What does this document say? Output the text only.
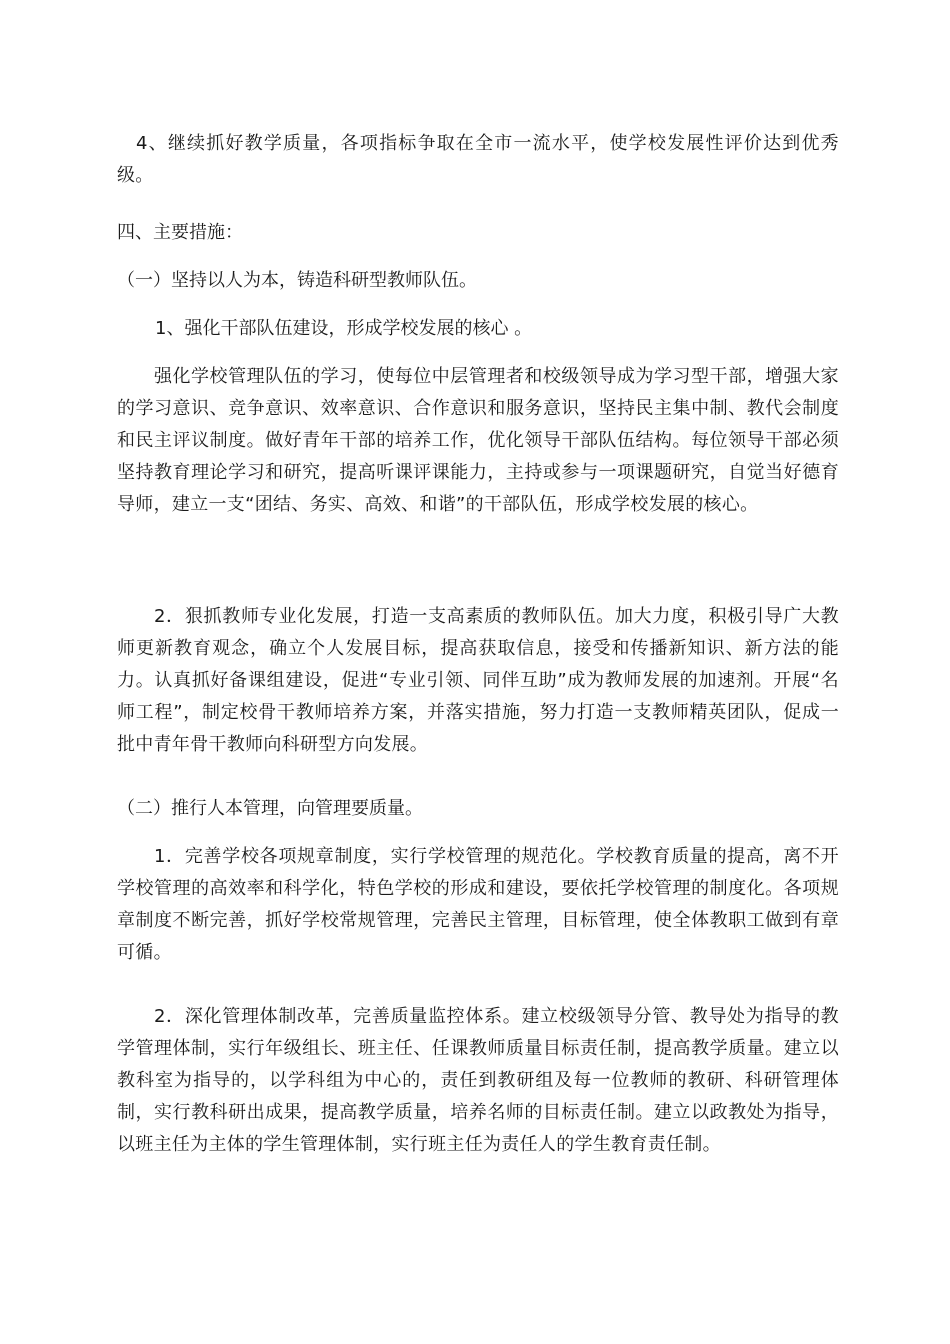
4、继续抓好教学质量，各项指标争取在全市一流水平，使学校发展性评价达到优秀级。

四、主要措施：

（一）坚持以人为本，铸造科研型教师队伍。

1、强化干部队伍建设，形成学校发展的核心 。

强化学校管理队伍的学习，使每位中层管理者和校级领导成为学习型干部，增强大家的学习意识、竞争意识、效率意识、合作意识和服务意识，坚持民主集中制、教代会制度和民主评议制度。做好青年干部的培养工作，优化领导干部队伍结构。每位领导干部必须坚持教育理论学习和研究，提高听课评课能力，主持或参与一项课题研究，自觉当好德育导师，建立一支“团结、务实、高效、和谐”的干部队伍，形成学校发展的核心。

2．狠抓教师专业化发展，打造一支高素质的教师队伍。加大力度，积极引导广大教师更新教育观念，确立个人发展目标，提高获取信息，接受和传播新知识、新方法的能力。认真抓好备课组建设，促进“专业引领、同伴互助”成为教师发展的加速剂。开展“名师工程”，制定校骨干教师培养方案，并落实措施，努力打造一支教师精英团队，促成一批中青年骨干教师向科研型方向发展。

（二）推行人本管理，向管理要质量。

1．完善学校各项规章制度，实行学校管理的规范化。学校教育质量的提高，离不开学校管理的高效率和科学化，特色学校的形成和建设，要依托学校管理的制度化。各项规章制度不断完善，抓好学校常规管理，完善民主管理，目标管理，使全体教职工做到有章可循。

2．深化管理体制改革，完善质量监控体系。建立校级领导分管、教导处为指导的教学管理体制，实行年级组长、班主任、任课教师质量目标责任制，提高教学质量。建立以教科室为指导的，以学科组为中心的，责任到教研组及每一位教师的教研、科研管理体制，实行教科研出成果，提高教学质量，培养名师的目标责任制。建立以政教处为指导，以班主任为主体的学生管理体制，实行班主任为责任人的学生教育责任制。
